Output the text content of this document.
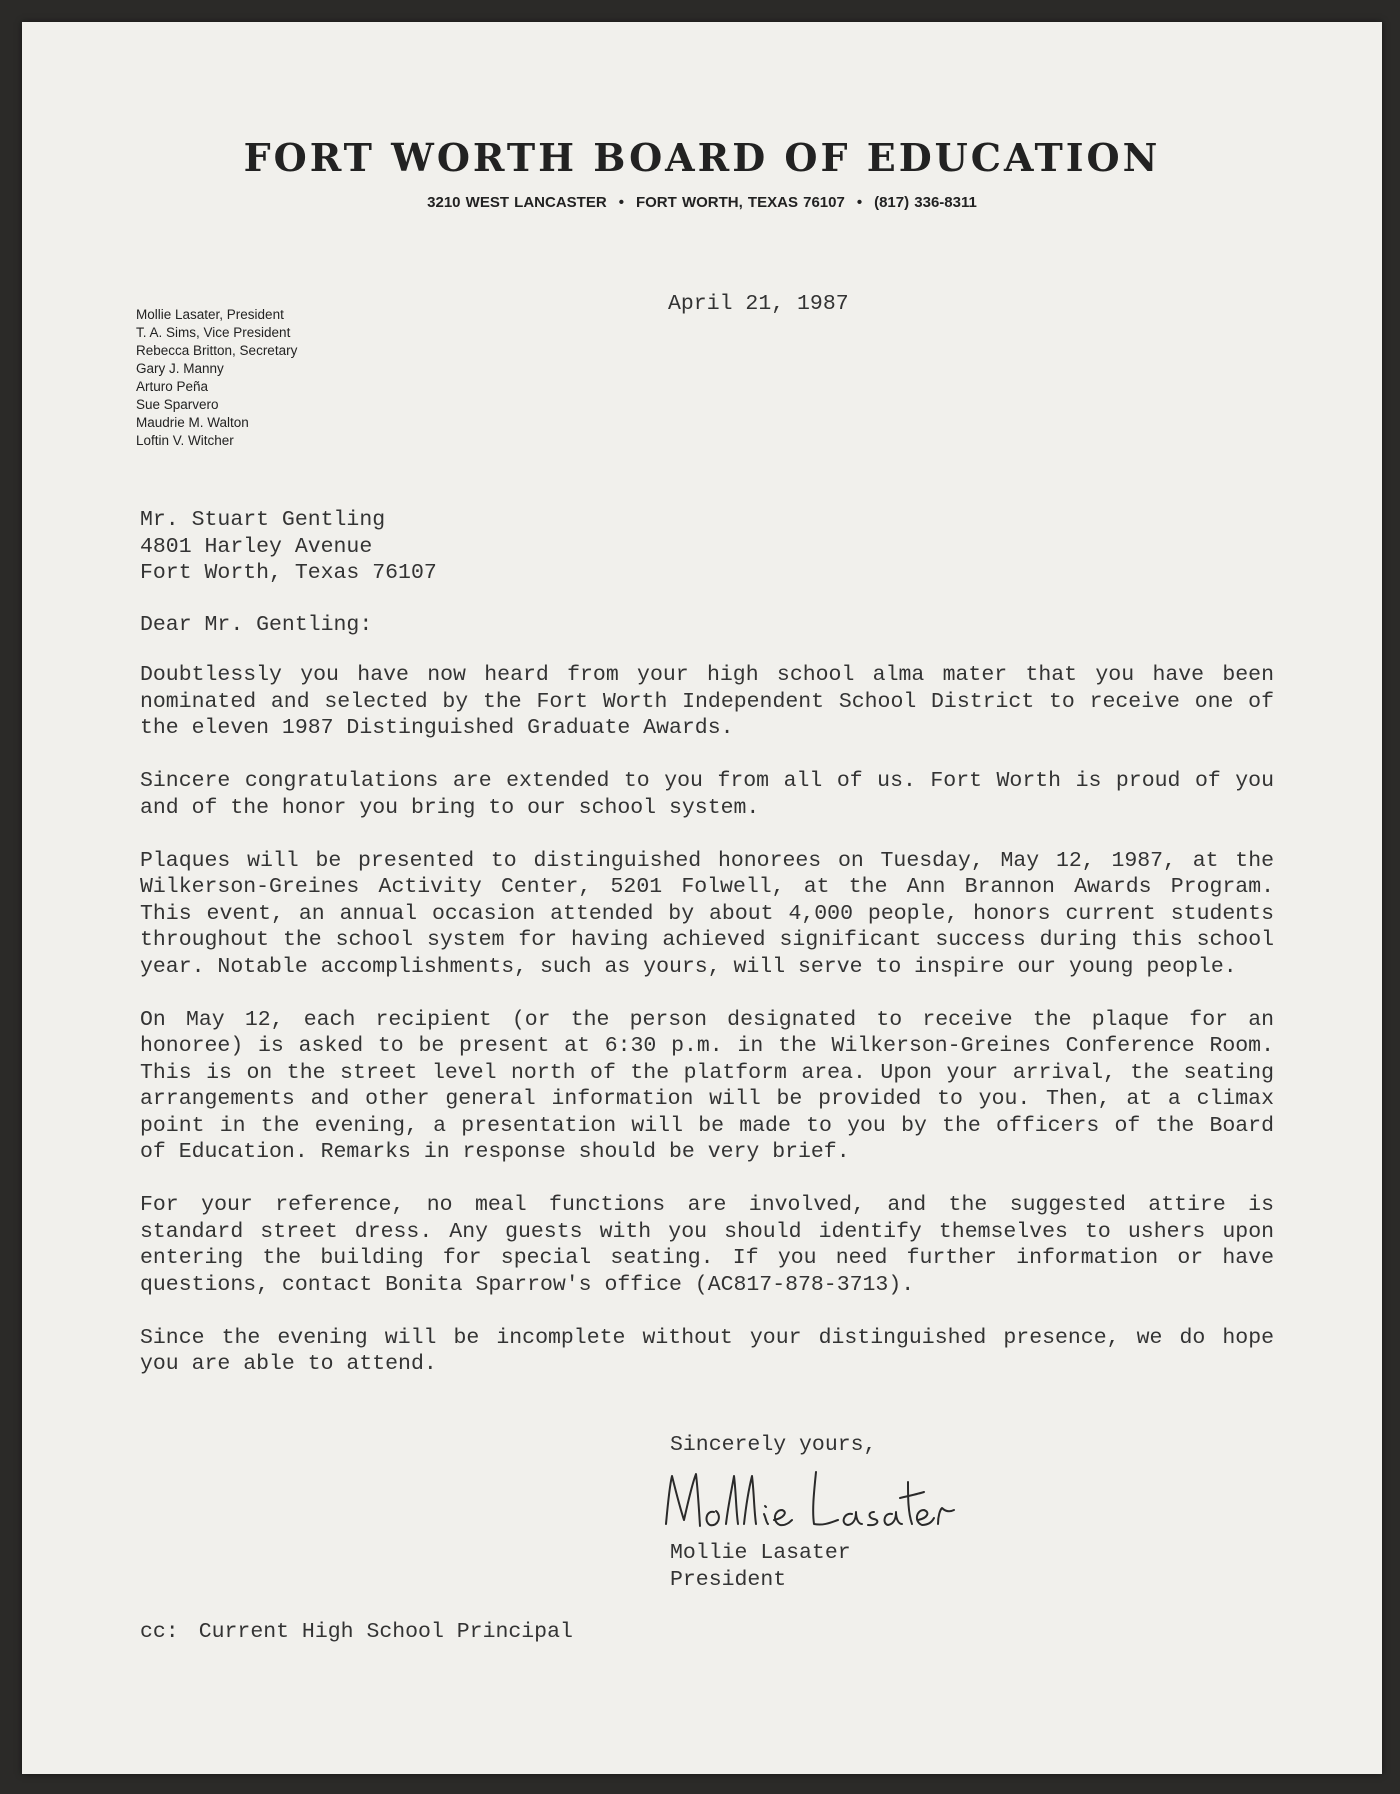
FORT WORTH BOARD OF EDUCATION
3210 WEST LANCASTER • FORT WORTH, TEXAS 76107 • (817) 336-8311
Mollie Lasater, President
T. A. Sims, Vice President
Rebecca Britton, Secretary
Gary J. Manny
Arturo Peña
Sue Sparvero
Maudrie M. Walton
Loftin V. Witcher
April 21, 1987
Mr. Stuart Gentling
4801 Harley Avenue
Fort Worth, Texas 76107
Dear Mr. Gentling:

Doubtlessly you have now heard from your high school alma mater that you have been nominated and selected by the Fort Worth Independent School District to receive one of the eleven 1987 Distinguished Graduate Awards.

Sincere congratulations are extended to you from all of us. Fort Worth is proud of you and of the honor you bring to our school system.

Plaques will be presented to distinguished honorees on Tuesday, May 12, 1987, at the Wilkerson-Greines Activity Center, 5201 Folwell, at the Ann Brannon Awards Program. This event, an annual occasion attended by about 4,000 people, honors current students throughout the school system for having achieved significant success during this school year. Notable accomplishments, such as yours, will serve to inspire our young people.

On May 12, each recipient (or the person designated to receive the plaque for an honoree) is asked to be present at 6:30 p.m. in the Wilkerson-Greines Conference Room. This is on the street level north of the platform area. Upon your arrival, the seating arrangements and other general information will be provided to you. Then, at a climax point in the evening, a presentation will be made to you by the officers of the Board of Education. Remarks in response should be very brief.

For your reference, no meal functions are involved, and the suggested attire is standard street dress. Any guests with you should identify themselves to ushers upon entering the building for special seating. If you need further information or have questions, contact Bonita Sparrow's office (AC817-878-3713).

Since the evening will be incomplete without your distinguished presence, we do hope you are able to attend.

Sincerely yours,
Mollie Lasater
President
cc: Current High School Principal
